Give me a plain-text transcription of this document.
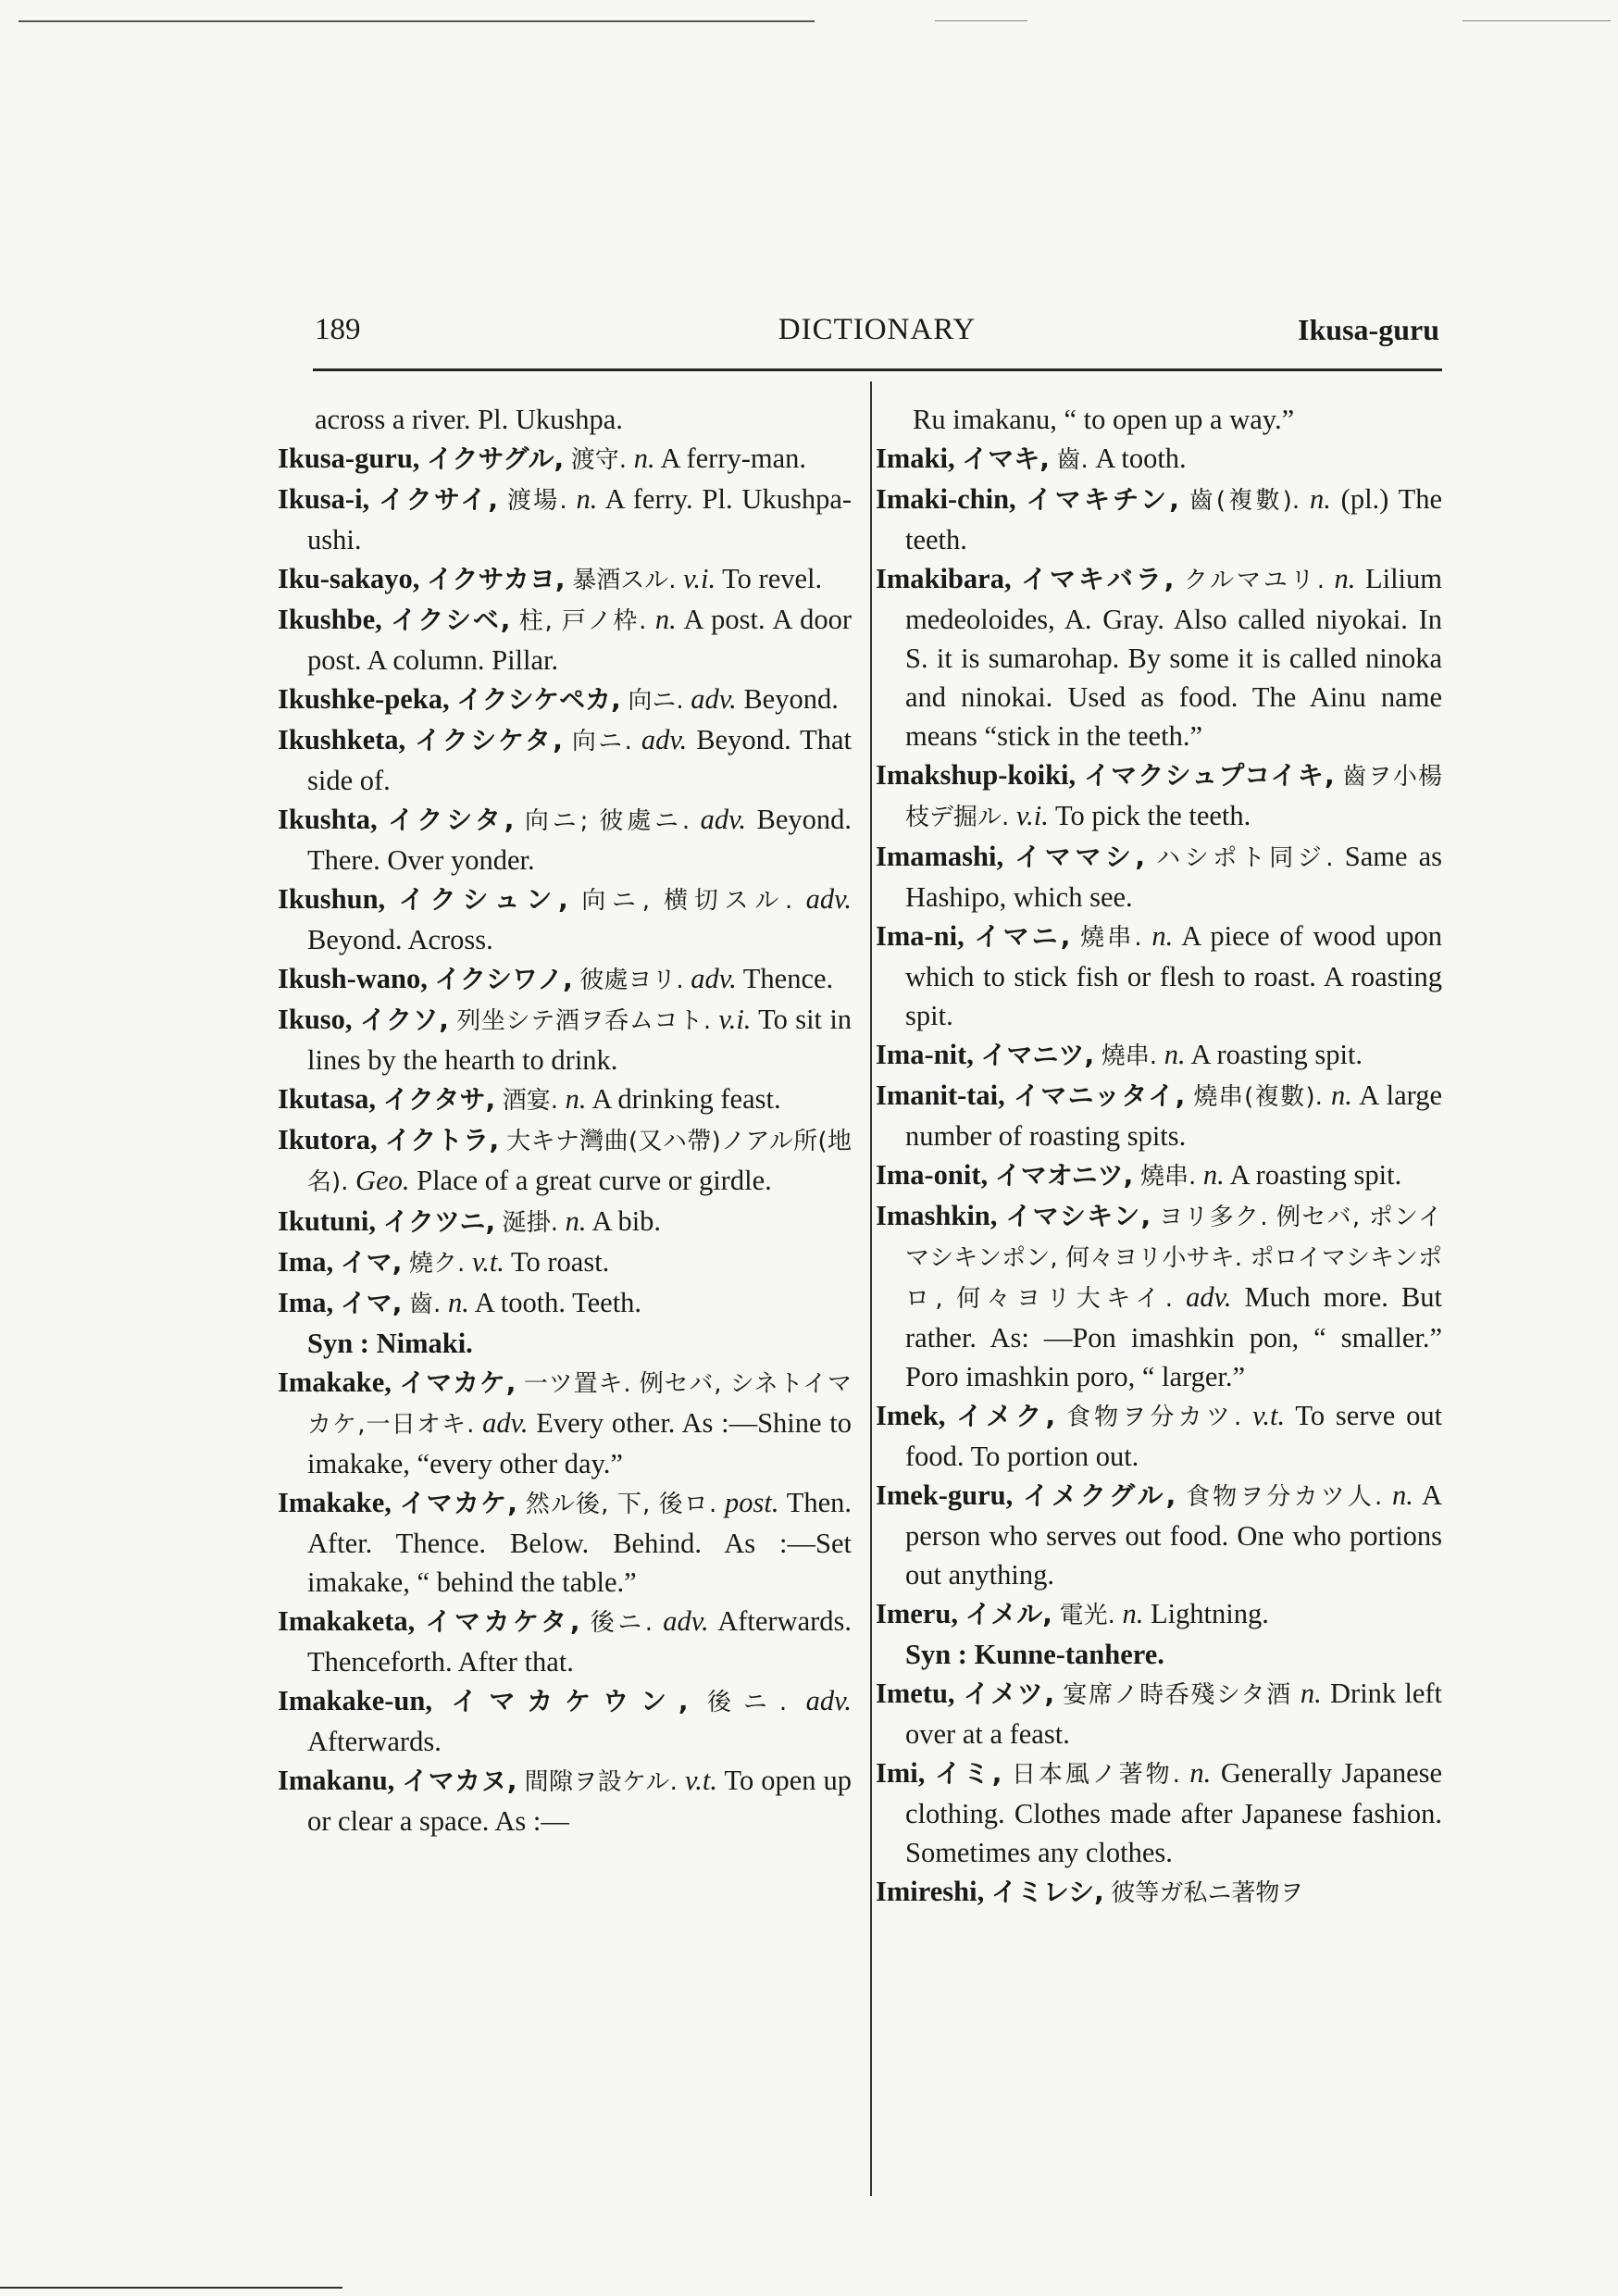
189	DICTIONARY	Ikusa-guru

across a river. Pl. Ukushpa.

Ikusa-guru, イクサグル, 渡守. n. A ferry-man.

Ikusa-i, イクサイ, 渡場. n. A ferry. Pl. Ukushpa-ushi.

Iku-sakayo, イクサカヨ, 暴酒スル. v.i. To revel.

Ikushbe, イクシベ, 柱, 戸ノ枠. n. A post. A door post. A column. Pillar.

Ikushke-peka, イクシケペカ, 向ニ. adv. Beyond.

Ikushketa, イクシケタ, 向ニ. adv. Beyond. That side of.

Ikushta, イクシタ, 向ニ; 彼處ニ. adv. Beyond. There. Over yonder.

Ikushun, イクシュン, 向ニ, 横切スル. adv. Beyond. Across.

Ikush-wano, イクシワノ, 彼處ヨリ. adv. Thence.

Ikuso, イクソ, 列坐シテ酒ヲ呑ムコト. v.i. To sit in lines by the hearth to drink.

Ikutasa, イクタサ, 酒宴. n. A drinking feast.

Ikutora, イクトラ, 大キナ灣曲(又ハ帶)ノアル所(地名). Geo. Place of a great curve or girdle.

Ikutuni, イクツニ, 涎掛. n. A bib.

Ima, イマ, 燒ク. v.t. To roast.

Ima, イマ, 齒. n. A tooth. Teeth.
Syn : Nimaki.

Imakake, イマカケ, 一ツ置キ. 例セバ, シネトイマカケ,一日オキ. adv. Every other. As :—Shine to imakake, “every other day.”

Imakake, イマカケ, 然ル後, 下, 後ロ. post. Then. After. Thence. Below. Behind. As :—Set imakake, “ behind the table.”

Imakaketa, イマカケタ, 後ニ. adv. Afterwards. Thenceforth. After that.

Imakake-un, イマカケウン, 後ニ. adv. Afterwards.

Imakanu, イマカヌ, 間隙ヲ設ケル. v.t. To open up or clear a space. As :—

Ru imakanu, “ to open up a way.”

Imaki, イマキ, 齒. A tooth.

Imaki-chin, イマキチン, 齒(複數). n. (pl.) The teeth.

Imakibara, イマキバラ, クルマユリ. n. Lilium medeoloides, A. Gray. Also called niyokai. In S. it is sumarohap. By some it is called ninoka and ninokai. Used as food. The Ainu name means “stick in the teeth.”

Imakshup-koiki, イマクシュプコイキ, 齒ヲ小楊枝デ掘ル. v.i. To pick the teeth.

Imamashi, イママシ, ハシポト同ジ. Same as Hashipo, which see.

Ima-ni, イマニ, 燒串. n. A piece of wood upon which to stick fish or flesh to roast. A roasting spit.

Ima-nit, イマニツ, 燒串. n. A roasting spit.

Imanit-tai, イマニッタイ, 燒串(複數). n. A large number of roasting spits.

Ima-onit, イマオニツ, 燒串. n. A roasting spit.

Imashkin, イマシキン, ヨリ多ク. 例セバ, ポンイマシキンポン, 何々ヨリ小サキ. ポロイマシキンポロ, 何々ヨリ大キイ. adv. Much more. But rather. As: —Pon imashkin pon, “ smaller.” Poro imashkin poro, “ larger.”

Imek, イメク, 食物ヲ分カツ. v.t. To serve out food. To portion out.

Imek-guru, イメクグル, 食物ヲ分カツ人. n. A person who serves out food. One who portions out anything.

Imeru, イメル, 電光. n. Lightning.
Syn : Kunne-tanhere.

Imetu, イメツ, 宴席ノ時呑殘シタ酒 n. Drink left over at a feast.

Imi, イミ, 日本風ノ著物. n. Generally Japanese clothing. Clothes made after Japanese fashion. Sometimes any clothes.

Imireshi, イミレシ, 彼等ガ私ニ著物ヲ
